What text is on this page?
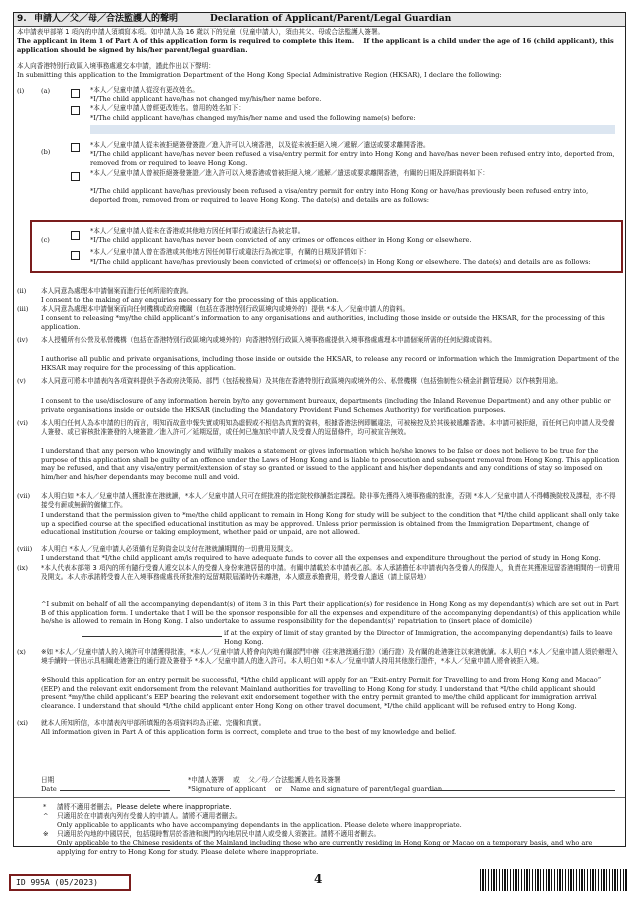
9. 申請人／父／母／合法監護人的聲明	Declaration of Applicant/Parent/Legal Guardian
本申請表甲部第 1 項內的申請人須填寫本項。如申請人為 16 歲以下的兒童（兒童申請人），須由其父、母或合法監護人簽署。
The applicant in item 1 of Part A of this application form is required to complete this item. If the applicant is a child under the age of 16 (child applicant), this application should be signed by his/her parent/legal guardian.
本人向香港特別行政區入境事務處遞交本申請，謹此作出以下聲明：
In submitting this application to the Immigration Department of the Hong Kong Special Administrative Region (HKSAR), I declare the following:
(i)	(a)	*本人／兒童申請人從沒有更改姓名。
*I/The child applicant have/has not changed my/his/her name before.
*本人／兒童申請人曾經更改姓名。曾用的姓名如下：
*I/The child applicant have/has changed my/his/her name and used the following name(s) before:
(b)
*本人／兒童申請人從未被拒絕簽發簽證／進入許可以入境香港，以及從未被拒絕入境／遞解／遣送或要求離開香港。
*I/The child applicant have/has never been refused a visa/entry permit for entry into Hong Kong and have/has never been refused entry into, deported from, removed from or required to leave Hong Kong.
*本人／兒童申請人曾被拒絕簽發簽證／進入許可以入境香港或曾被拒絕入境／遞解／遣送或要求離開香港，有關的日期及詳細資料如下：
*I/The child applicant have/has previously been refused a visa/entry permit for entry into Hong Kong or have/has previously been refused entry into, deported from, removed from or required to leave Hong Kong. The date(s) and details are as follows:
(c)
*本人／兒童申請人從未在香港或其他地方因任何罪行或違法行為被定罪。
*I/The child applicant have/has never been convicted of any crimes or offences either in Hong Kong or elsewhere.
*本人／兒童申請人曾在香港或其他地方因任何罪行或違法行為被定罪，有關的日期及詳情如下：
*I/The child applicant have/has previously been convicted of crime(s) or offence(s) in Hong Kong or elsewhere. The date(s) and details are as follows:
(ii) 本人同意為處理本申請個案而進行任何所需的查詢。
I consent to the making of any enquiries necessary for the processing of this application.
(iii) 本人同意為處理本申請個案而向任何機構或政府機關（包括在香港特別行政區境內或境外的）提供 *本人／兒童申請人的資料。
I consent to releasing *my/the child applicant’s information to any organisations and authorities, including those inside or outside the HKSAR, for the processing of this application.
(iv) 本人授權所有公營及私營機構（包括在香港特別行政區境內或境外的）向香港特別行政區入境事務處提供入境事務處處理本申請個案所需的任何紀錄或資料。
I authorise all public and private organisations, including those inside or outside the HKSAR, to release any record or information which the Immigration Department of the HKSAR may require for the processing of this application.
(v) 本人同意可將本申請表內各項資料提供予各政府決策局、部門（包括稅務局）及其他在香港特別行政區境內或境外的公、私營機構（包括強制性公積金計劃管理局）以作核對用途。
I consent to the use/disclosure of any information herein by/to any government bureaux, departments (including the Inland Revenue Department) and any other public or private organisations inside or outside the HKSAR (including the Mandatory Provident Fund Schemes Authority) for verification purposes.
(vi) 本人明白任何人為本申請的目的而言，明知而故意申報失實或明知為虛假或不相信為真實的資料，根據香港法例即屬違法，可被檢控及於其後被遞離香港。本申請可被拒絕，而任何已向申請人及受養人簽發、或已審核批准簽發的入境簽證／進入許可／延期逗留，或任何已施加於申請人及受養人的逗留條件，均可被宣告無效。
I understand that any person who knowingly and wilfully makes a statement or gives information which he/she knows to be false or does not believe to be true for the purpose of this application shall be guilty of an offence under the Laws of Hong Kong and is liable to prosecution and subsequent removal from Hong Kong. This application may be refused, and that any visa/entry permit/extension of stay so granted or issued to the applicant and his/her dependants and any conditions of stay so imposed on him/her and his/her dependants may become null and void.
(vii) 本人明白如 *本人／兒童申請人獲批准在港就讀，*本人／兒童申請人只可在經批准的指定院校修讀指定課程。除非事先獲得入境事務處的批准，否則 *本人／兒童申請人不得轉換院校及課程，亦不得接受有薪或無薪的僱傭工作。
I understand that the permission given to *me/the child applicant to remain in Hong Kong for study will be subject to the condition that *I/the child applicant shall only take up a specified course at the specified educational institution as may be approved. Unless prior permission is obtained from the Immigration Department, change of educational institution /course or taking employment, whether paid or unpaid, are not allowed.
(viii) 本人明白 *本人／兒童申請人必須備有足夠資金以支付在港就讀期間的一切費用及開支。
I understand that *I/the child applicant am/is required to have adequate funds to cover all the expenses and expenditure throughout the period of study in Hong Kong.
(ix) *本人代表本部第 3 項內的所有隨行受養人遞交以本人的受養人身份來港居留的申請。有關申請載於本申請表乙部。本人承諾擔任本申請表內各受養人的保證人，負責在其獲准逗留香港期間的一切費用及開支。本人亦承諾將受養人在入境事務處處長所批准的逗留期限屆滿時仍未離港，本人願意承擔費用，將受養人遣返（請上原居地）
^I submit on behalf of all the accompanying dependant(s) of item 3 in this Part their application(s) for residence in Hong Kong as my dependant(s) which are set out in Part B of this application form. I undertake that I will be the sponsor responsible for all the expenses and expenditure of the accompanying dependant(s) of this application while he/she is allowed to remain in Hong Kong. I also undertake to assume responsibility for the dependant(s)’ repatriation to (insert place of domicile)
if at the expiry of limit of stay granted by the Director of Immigration, the accompanying dependant(s) fails to leave Hong Kong.
(x) ※如 *本人／兒童申請人的入境許可申請獲得批准，*本人／兒童申請人將會向內地有關部門申辦《往來港澳通行證》（通行證）及有關的赴港簽注以來港就讀。本人明白 *本人／兒童申請人須於辦理入境手續時一併出示具相關赴港簽注的通行證及簽發予 *本人／兒童申請人的進入許可。本人明白如 *本人／兒童申請人持用其他旅行證件，*本人／兒童申請人將會被拒入境。
※Should this application for an entry permit be successful, *I/the child applicant will apply for an “Exit-entry Permit for Travelling to and from Hong Kong and Macao” (EEP) and the relevant exit endorsement from the relevant Mainland authorities for travelling to Hong Kong for study. I understand that *I/the child applicant should present *my/the child applicant’s EEP bearing the relevant exit endorsement together with the entry permit granted to me/the child applicant for immigration arrival clearance. I understand that should *I/the child applicant enter Hong Kong on other travel document, *I/the child applicant will be refused entry to Hong Kong.
(xi) 就本人所知所信，本申請表內甲部所填報的各項資料均為正確、完備和真實。
All information given in Part A of this application form is correct, complete and true to the best of my knowledge and belief.
日期
Date
*申請人簽署　 或　 父／母／合法監護人姓名及簽署
*Signature of applicant　 or　 Name and signature of parent/legal guardian
* 請將不適用者刪去。Please delete where inappropriate.
^ 只適用於在申請表內列有受養人的申請人。請將不適用者刪去。
Only applicable to applicants who have accompanying dependants in the application. Please delete where inappropriate.
※ 只適用於內地的中國居民，包括現時暫居於香港和澳門的內地居民申請人或受養人須簽註。請將不適用者刪去。
Only applicable to the Chinese residents of the Mainland including those who are currently residing in Hong Kong or Macao on a temporary basis, and who are applying for entry to Hong Kong for study. Please delete where inappropriate.
ID 995A (05/2023)	4
